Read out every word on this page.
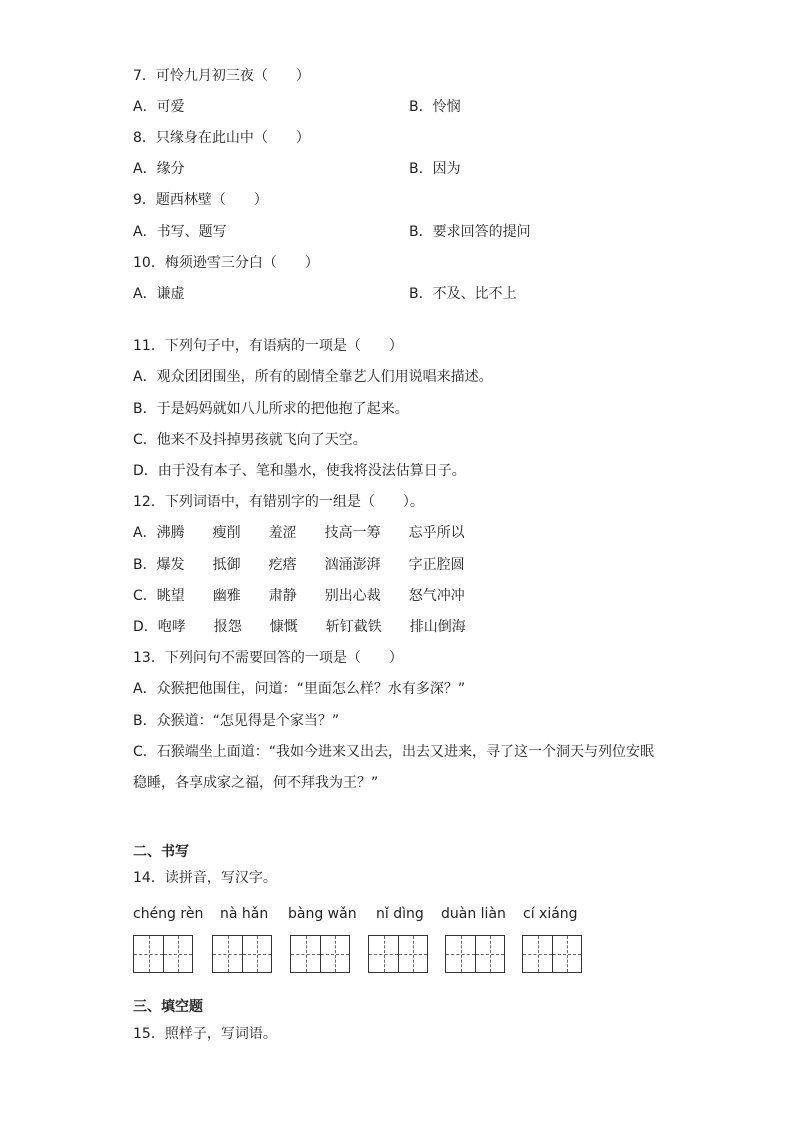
7．可怜九月初三夜（　　）
A．可爱	B．怜悯
8．只缘身在此山中（　　）
A．缘分	B．因为
9．题西林壁（　　）
A．书写、题写	B．要求回答的提问
10．梅须逊雪三分白（　　）
A．谦虚	B．不及、比不上
11．下列句子中，有语病的一项是（　　）
A．观众团团围坐，所有的剧情全靠艺人们用说唱来描述。
B．于是妈妈就如八儿所求的把他抱了起来。
C．他来不及抖掉男孩就飞向了天空。
D．由于没有本子、笔和墨水，使我将没法估算日子。
12．下列词语中，有错别字的一组是（　　）。
A．沸腾　　瘦削　　羞涩　　技高一筹　　忘乎所以
B．爆发　　抵御　　疙瘩　　汹涌澎湃　　字正腔圆
C．眺望　　幽雅　　肃静　　别出心裁　　怒气冲冲
D．咆哮　　报怨　　慷慨　　斩钉截铁　　排山倒海
13．下列问句不需要回答的一项是（　　）
A．众猴把他围住，问道：“里面怎么样？水有多深？”
B．众猴道：“怎见得是个家当？”
C．石猴端坐上面道：“我如今进来又出去，出去又进来，寻了这一个洞天与列位安眠
稳睡，各享成家之福，何不拜我为王？”
二、书写
14．读拼音，写汉字。
chéng rèn nà hǎn bàng wǎn nǐ dìng duàn liàn cí xiáng
三、填空题
15．照样子，写词语。
